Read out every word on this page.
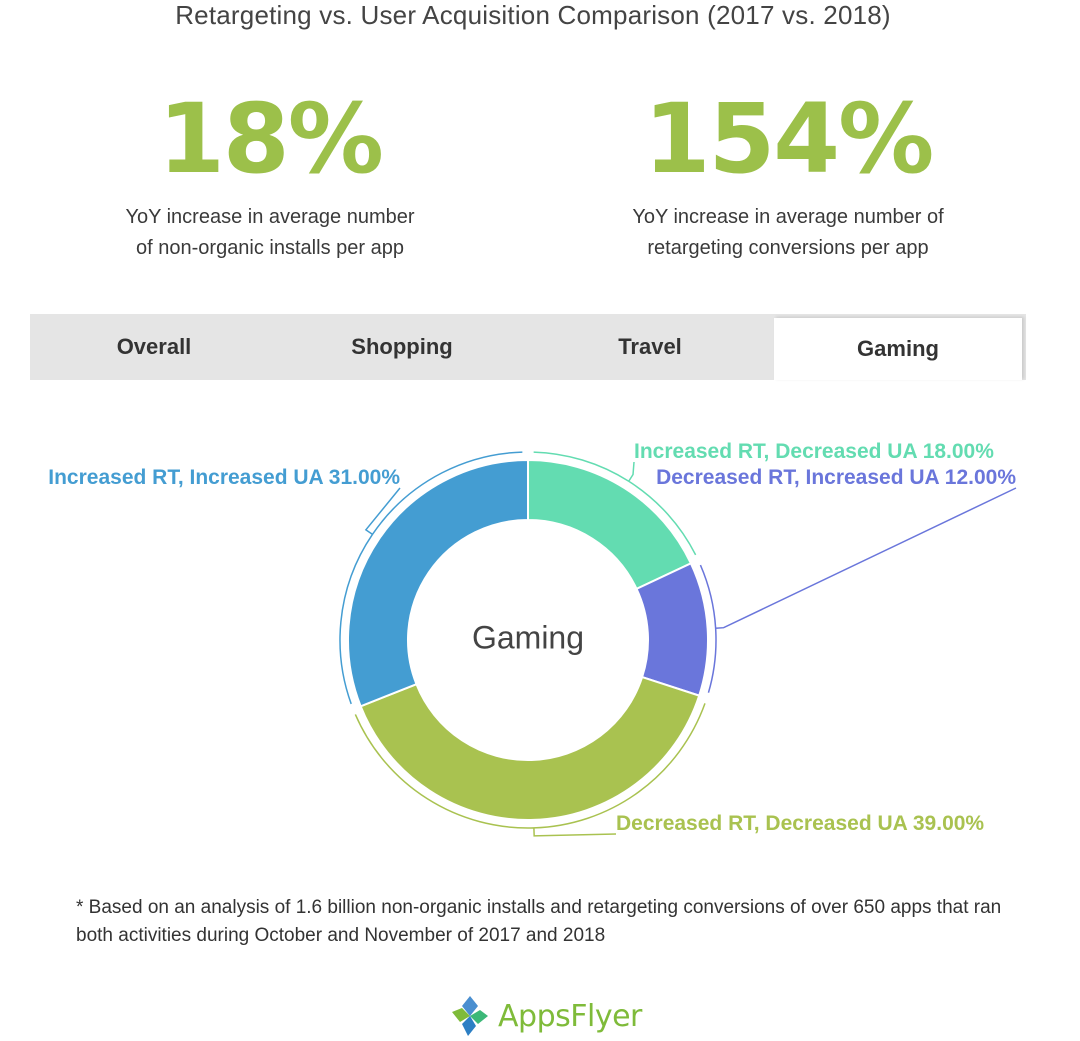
Retargeting vs. User Acquisition Comparison (2017 vs. 2018)
18%
YoY increase in average number
of non-organic installs per app
154%
YoY increase in average number of
retargeting conversions per app
Overall	Shopping	Travel	Gaming
Increased RT, Decreased UA 18.00%
Decreased RT, Increased UA 12.00%
Decreased RT, Decreased UA 39.00%
Increased RT, Increased UA 31.00%
Gaming
* Based on an analysis of 1.6 billion non-organic installs and retargeting conversions of over 650 apps that ran both activities during October and November of 2017 and 2018
AppsFlyer
